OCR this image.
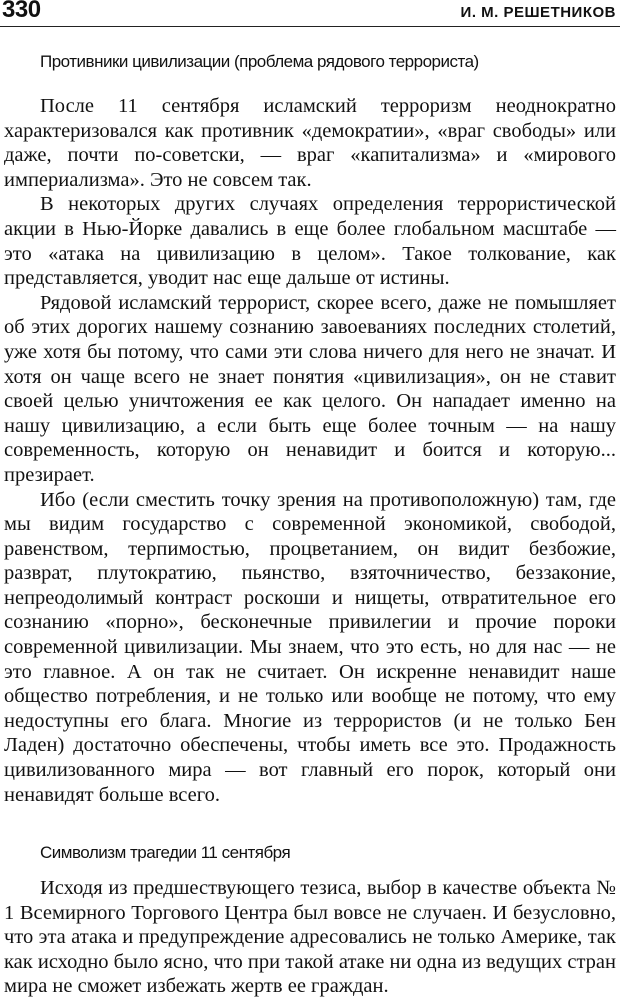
330	И. М. РЕШЕТНИКОВ
Противники цивилизации (проблема рядового террориста)

После 11 сентября исламский терроризм неоднократно характеризовался как противник «демократии», «враг свободы» или даже, почти по-советски, — враг «капитализма» и «мирового империализма». Это не совсем так.

В некоторых других случаях определения террористической акции в Нью-Йорке давались в еще более глобальном масштабе — это «атака на цивилизацию в целом». Такое толкование, как представляется, уводит нас еще дальше от истины.

Рядовой исламский террорист, скорее всего, даже не помышляет об этих дорогих нашему сознанию завоеваниях последних столетий, уже хотя бы потому, что сами эти слова ничего для него не значат. И хотя он чаще всего не знает понятия «цивилизация», он не ставит своей целью уничтожения ее как целого. Он нападает именно на нашу цивилизацию, а если быть еще более точным — на нашу современность, которую он ненавидит и боится и которую... презирает.

Ибо (если сместить точку зрения на противоположную) там, где мы видим государство с современной экономикой, свободой, равенством, терпимостью, процветанием, он видит безбожие, разврат, плутократию, пьянство, взяточничество, беззаконие, непреодолимый контраст роскоши и нищеты, отвратительное его сознанию «порно», бесконечные привилегии и прочие пороки современной цивилизации. Мы знаем, что это есть, но для нас — не это главное. А он так не считает. Он искренне ненавидит наше общество потребления, и не только или вообще не потому, что ему недоступны его блага. Многие из террористов (и не только Бен Ладен) достаточно обеспечены, чтобы иметь все это. Продажность цивилизованного мира — вот главный его порок, который они ненавидят больше всего.

Символизм трагедии 11 сентября

Исходя из предшествующего тезиса, выбор в качестве объекта № 1 Всемирного Торгового Центра был вовсе не случаен. И безусловно, что эта атака и предупреждение адресовались не только Америке, так как исходно было ясно, что при такой атаке ни одна из ведущих стран мира не сможет избежать жертв ее граждан.
